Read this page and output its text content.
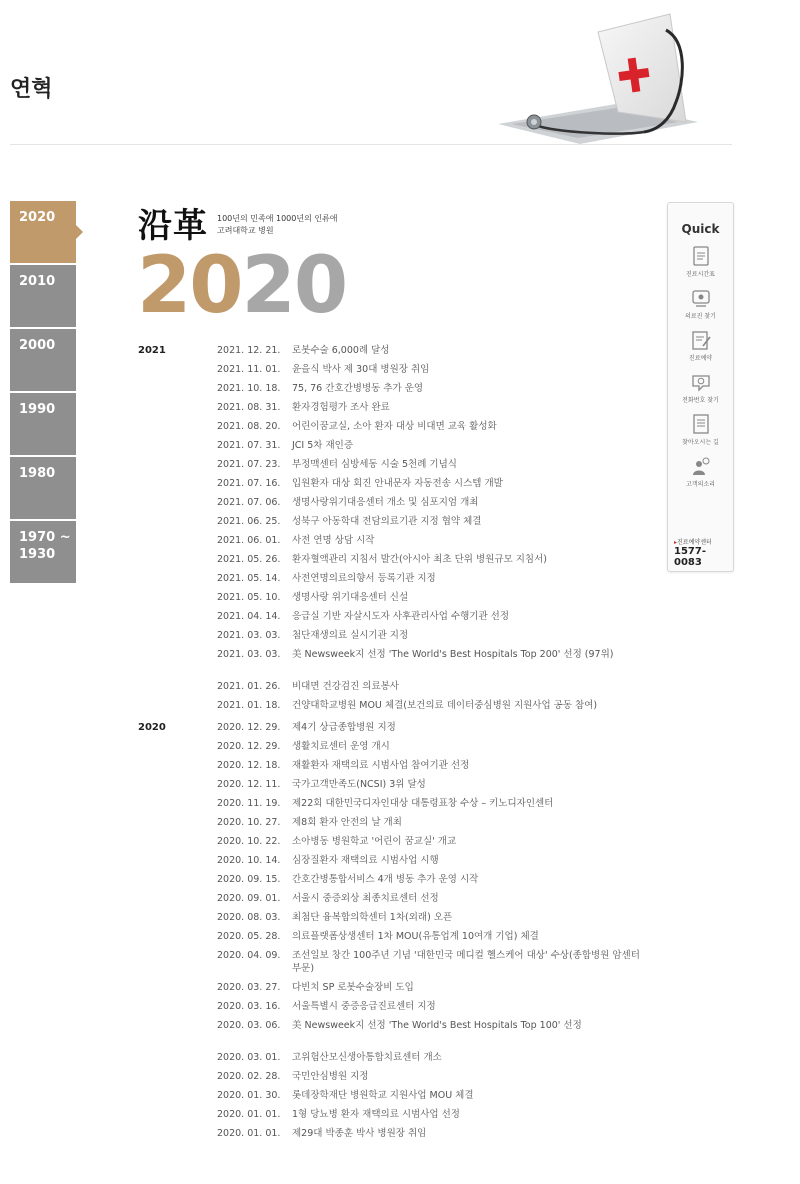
연혁
2020
2010
2000
1990
1980
1970 ~
1930
沿革 100년의 민족애 1000년의 인류애
고려대학교 병원
2020
2021	2021. 12. 21. 로봇수술 6,000례 달성
2021. 11. 01. 윤을식 박사 제 30대 병원장 취임
2021. 10. 18. 75, 76 간호간병병동 추가 운영
2021. 08. 31. 환자경험평가 조사 완료
2021. 08. 20. 어린이꿈교실, 소아 환자 대상 비대면 교육 활성화
2021. 07. 31. JCI 5차 재인증
2021. 07. 23. 부정맥센터 심방세동 시술 5천례 기념식
2021. 07. 16. 입원환자 대상 회진 안내문자 자동전송 시스템 개발
2021. 07. 06. 생명사랑위기대응센터 개소 및 심포지엄 개최
2021. 06. 25. 성북구 아동학대 전담의료기관 지정 협약 체결
2021. 06. 01. 사전 연명 상담 시작
2021. 05. 26. 환자혈액관리 지침서 발간(아시아 최초 단위 병원규모 지침서)
2021. 05. 14. 사전연명의료의향서 등록기관 지정
2021. 05. 10. 생명사랑 위기대응센터 신설
2021. 04. 14. 응급실 기반 자살시도자 사후관리사업 수행기관 선정
2021. 03. 03. 첨단재생의료 실시기관 지정
2021. 03. 03. 美 Newsweek지 선정 'The World's Best Hospitals Top 200' 선정 (97위)
2021. 01. 26. 비대면 건강검진 의료봉사
2021. 01. 18. 건양대학교병원 MOU 체결(보건의료 데이터중심병원 지원사업 공동 참여)
2020	2020. 12. 29. 제4기 상급종합병원 지정
2020. 12. 29. 생활치료센터 운영 개시
2020. 12. 18. 재활환자 재택의료 시범사업 참여기관 선정
2020. 12. 11. 국가고객만족도(NCSI) 3위 달성
2020. 11. 19. 제22회 대한민국디자인대상 대통령표창 수상 – 키노디자인센터
2020. 10. 27. 제8회 환자 안전의 날 개최
2020. 10. 22. 소아병동 병원학교 '어린이 꿈교실' 개교
2020. 10. 14. 심장질환자 재택의료 시범사업 시행
2020. 09. 15. 간호간병통합서비스 4개 병동 추가 운영 시작
2020. 09. 01. 서울시 중증외상 최종치료센터 선정
2020. 08. 03. 최첨단 융복합의학센터 1차(외래) 오픈
2020. 05. 28. 의료플랫폼상생센터 1차 MOU(유통업계 10여개 기업) 체결
2020. 04. 09. 조선일보 창간 100주년 기념 '대한민국 메디컬 헬스케어 대상' 수상(종합병원 암센터 부문)
2020. 03. 27. 다빈치 SP 로봇수술장비 도입
2020. 03. 16. 서울특별시 중증응급진료센터 지정
2020. 03. 06. 美 Newsweek지 선정 'The World's Best Hospitals Top 100' 선정
2020. 03. 01. 고위험산모신생아통합치료센터 개소
2020. 02. 28. 국민안심병원 지정
2020. 01. 30. 롯데장학재단 병원학교 지원사업 MOU 체결
2020. 01. 01. 1형 당뇨병 환자 재택의료 시범사업 선정
2020. 01. 01. 제29대 박종훈 박사 병원장 취임
Quick
진료시간표
의료진 찾기
진료예약
전화번호 찾기
찾아오시는 길
고객의소리
▸ 진료예약센터
1577-0083
